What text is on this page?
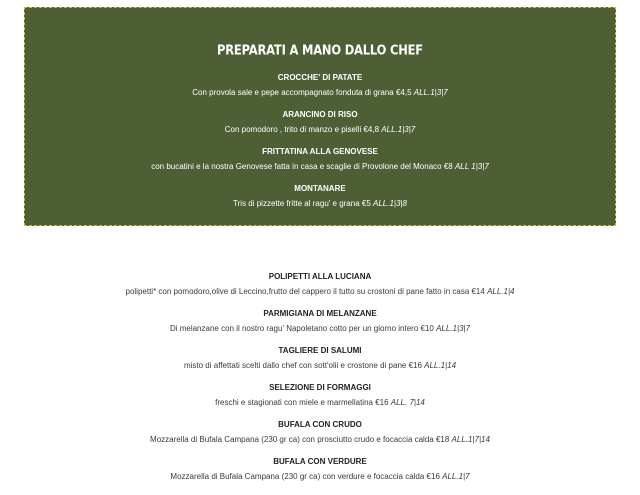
PREPARATI A MANO DALLO CHEF
CROCCHE' DI PATATE
Con provola sale e pepe accompagnato fonduta di grana €4,5 ALL.1|3|7
ARANCINO DI RISO
Con pomodoro , trito di manzo e piselli €4,8 ALL.1|3|7
FRITTATINA ALLA GENOVESE
con bucatini e la nostra Genovese fatta in casa e scaglie di Provolone del Monaco €8 ALL 1|3|7
MONTANARE
Tris di pizzette fritte al ragu' e grana €5 ALL.1|3|8
POLIPETTI ALLA LUCIANA
polipetti* con pomodoro,olive di Leccino,frutto del cappero il tutto su crostoni di pane fatto in casa €14 ALL.1|4
PARMIGIANA DI MELANZANE
Di melanzane con il nostro ragu' Napoletano cotto per un giorno intero €10 ALL.1|3|7
TAGLIERE DI SALUMI
misto di affettati scelti dallo chef con sott'olii e crostone di pane €16 ALL.1|14
SELEZIONE DI FORMAGGI
freschi e stagionati con miele e marmellatina €16 ALL. 7|14
BUFALA CON CRUDO
Mozzarella di Bufala Campana (230 gr ca) con prosciutto crudo e focaccia calda €18 ALL.1|7|14
BUFALA CON VERDURE
Mozzarella di Bufala Campana (230 gr ca) con verdure e focaccia calda €16 ALL.1|7
